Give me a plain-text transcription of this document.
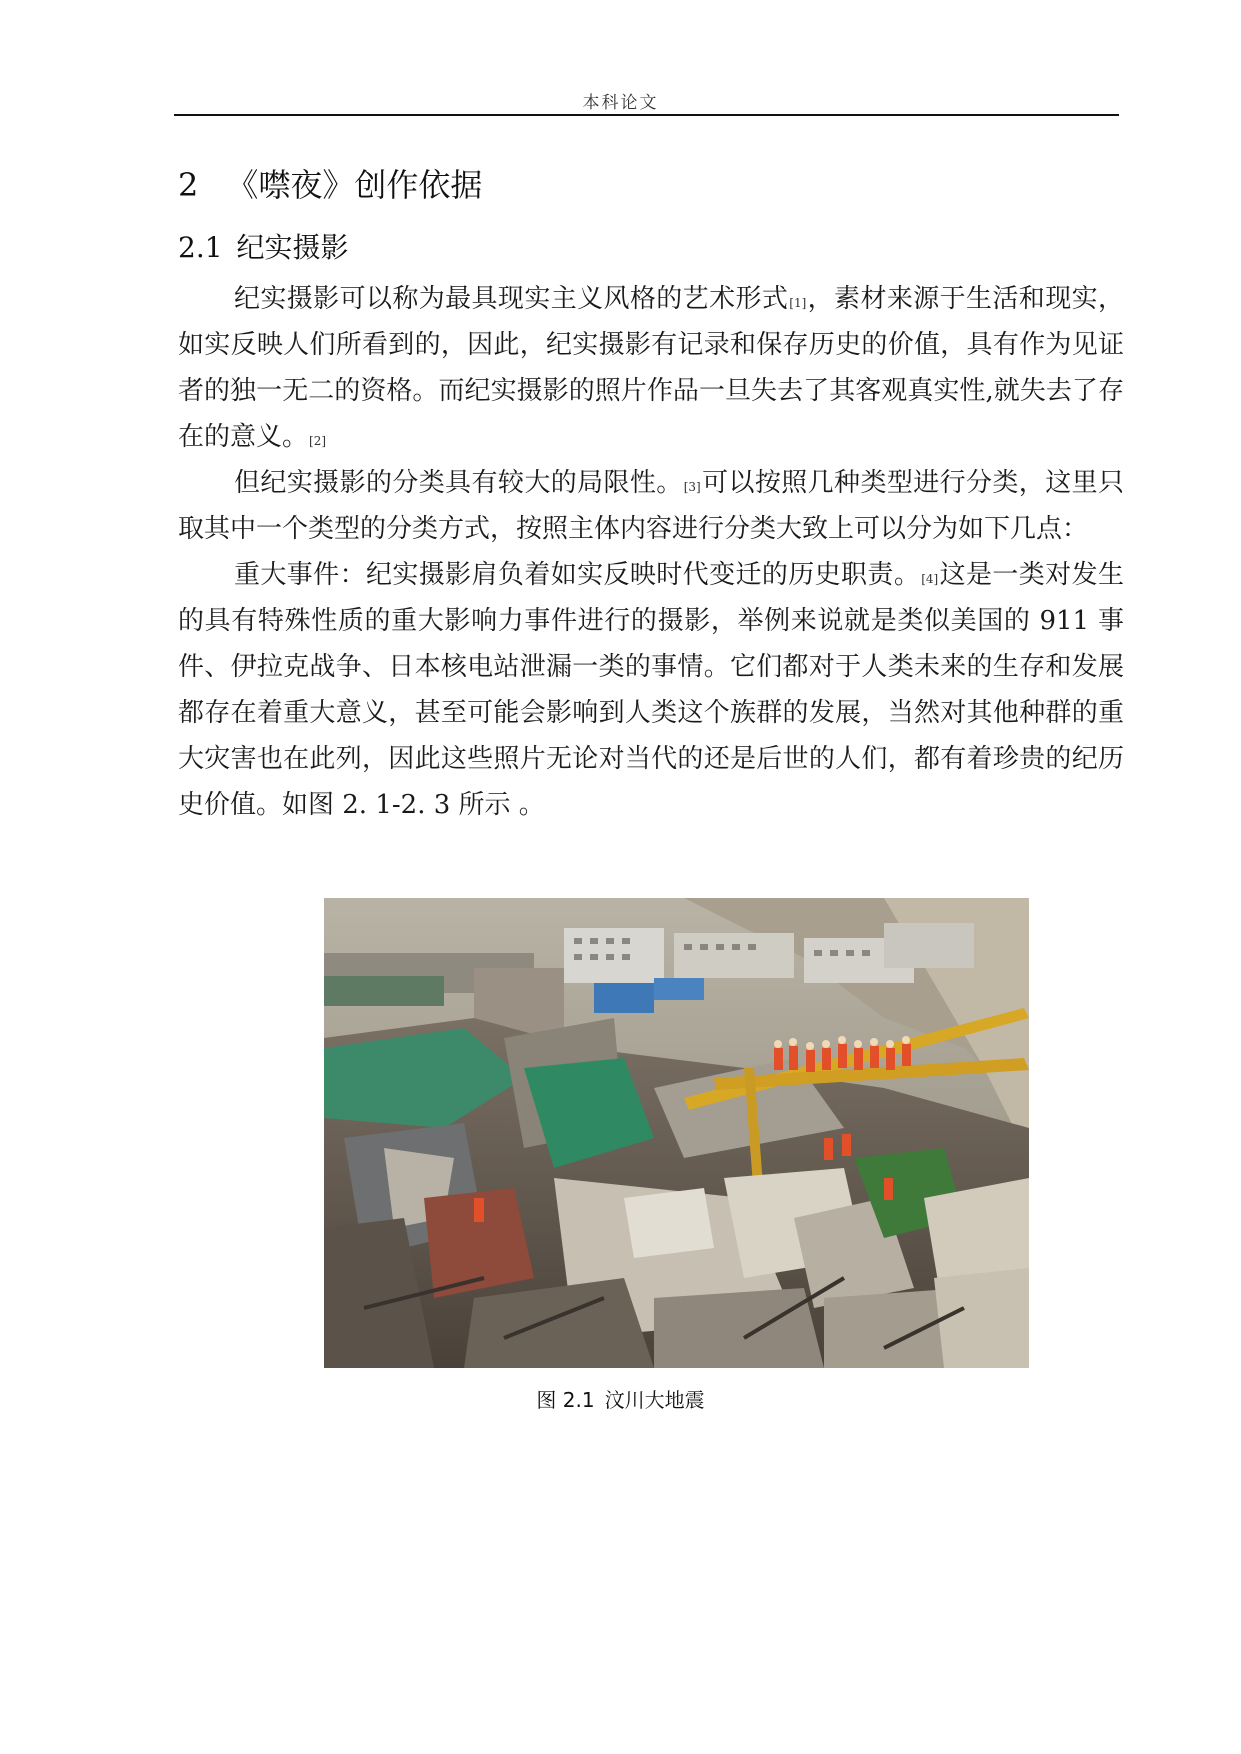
本科论文
2 《噤夜》创作依据
2.1 纪实摄影

纪实摄影可以称为最具现实主义风格的艺术形式[1]，素材来源于生活和现实，如实反映人们所看到的，因此，纪实摄影有记录和保存历史的价值，具有作为见证者的独一无二的资格。而纪实摄影的照片作品一旦失去了其客观真实性,就失去了存在的意义。[2]

但纪实摄影的分类具有较大的局限性。[3]可以按照几种类型进行分类，这里只取其中一个类型的分类方式，按照主体内容进行分类大致上可以分为如下几点：

重大事件：纪实摄影肩负着如实反映时代变迁的历史职责。[4]这是一类对发生的具有特殊性质的重大影响力事件进行的摄影，举例来说就是类似美国的 911 事件、伊拉克战争、日本核电站泄漏一类的事情。它们都对于人类未来的生存和发展都存在着重大意义，甚至可能会影响到人类这个族群的发展，当然对其他种群的重大灾害也在此列，因此这些照片无论对当代的还是后世的人们，都有着珍贵的纪历史价值。如图 2. 1-2. 3 所示 。

图 2.1 汶川大地震
